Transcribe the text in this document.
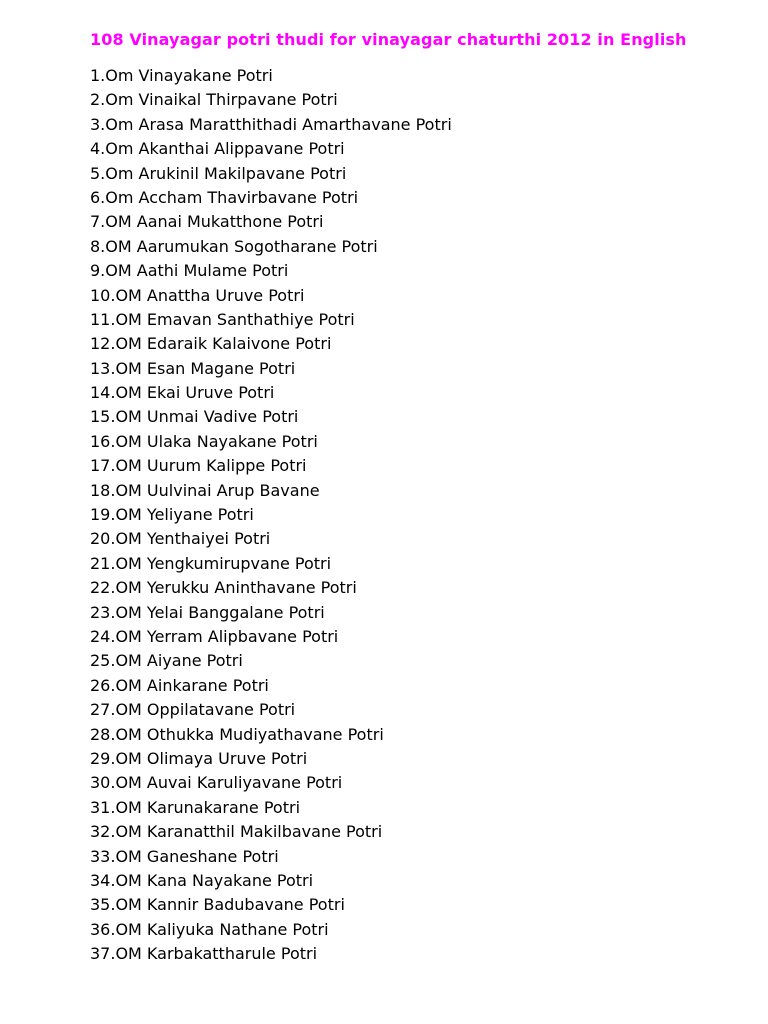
108 Vinayagar potri thudi for vinayagar chaturthi 2012 in English
1.Om Vinayakane Potri
2.Om Vinaikal Thirpavane Potri
3.Om Arasa Maratthithadi Amarthavane Potri
4.Om Akanthai Alippavane Potri
5.Om Arukinil Makilpavane Potri
6.Om Accham Thavirbavane Potri
7.OM Aanai Mukatthone Potri
8.OM Aarumukan Sogotharane Potri
9.OM Aathi Mulame Potri
10.OM Anattha Uruve Potri
11.OM Emavan Santhathiye Potri
12.OM Edaraik Kalaivone Potri
13.OM Esan Magane Potri
14.OM Ekai Uruve Potri
15.OM Unmai Vadive Potri
16.OM Ulaka Nayakane Potri
17.OM Uurum Kalippe Potri
18.OM Uulvinai Arup Bavane
19.OM Yeliyane Potri
20.OM Yenthaiyei Potri
21.OM Yengkumirupvane Potri
22.OM Yerukku Aninthavane Potri
23.OM Yelai Banggalane Potri
24.OM Yerram Alipbavane Potri
25.OM Aiyane Potri
26.OM Ainkarane Potri
27.OM Oppilatavane Potri
28.OM Othukka Mudiyathavane Potri
29.OM Olimaya Uruve Potri
30.OM Auvai Karuliyavane Potri
31.OM Karunakarane Potri
32.OM Karanatthil Makilbavane Potri
33.OM Ganeshane Potri
34.OM Kana Nayakane Potri
35.OM Kannir Badubavane Potri
36.OM Kaliyuka Nathane Potri
37.OM Karbakattharule Potri
